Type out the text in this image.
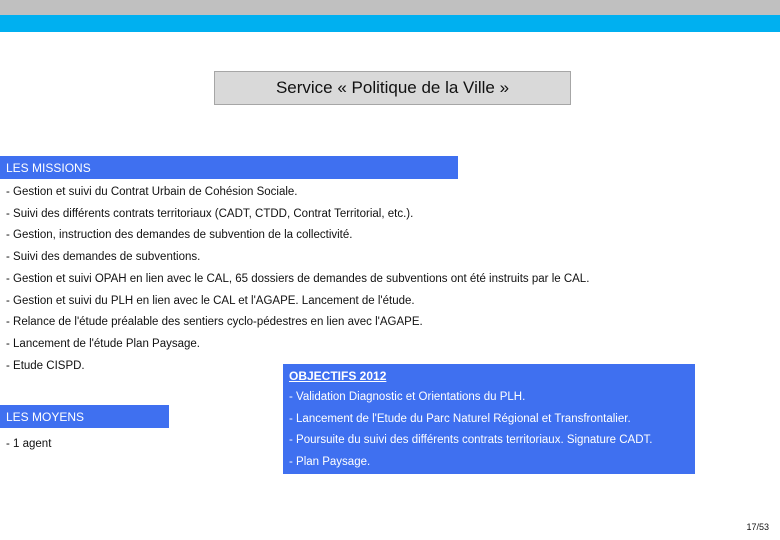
Service « Politique de la Ville »
LES MISSIONS
- Gestion et suivi du Contrat Urbain de Cohésion Sociale.
- Suivi des différents contrats territoriaux (CADT, CTDD, Contrat Territorial, etc.).
- Gestion, instruction des demandes de subvention de la collectivité.
- Suivi des demandes de subventions.
- Gestion et suivi OPAH en lien avec le CAL, 65 dossiers de demandes de subventions ont été instruits par le CAL.
- Gestion et suivi du PLH en lien avec le CAL et l'AGAPE. Lancement de l'étude.
- Relance de l'étude préalable des sentiers cyclo-pédestres en lien avec l'AGAPE.
- Lancement de l'étude Plan Paysage.
- Etude CISPD.
OBJECTIFS 2012
- Validation Diagnostic et Orientations du PLH.
- Lancement de l'Etude du Parc Naturel Régional et Transfrontalier.
- Poursuite du suivi des différents contrats territoriaux. Signature CADT.
- Plan Paysage.
LES MOYENS
- 1 agent
17/53
